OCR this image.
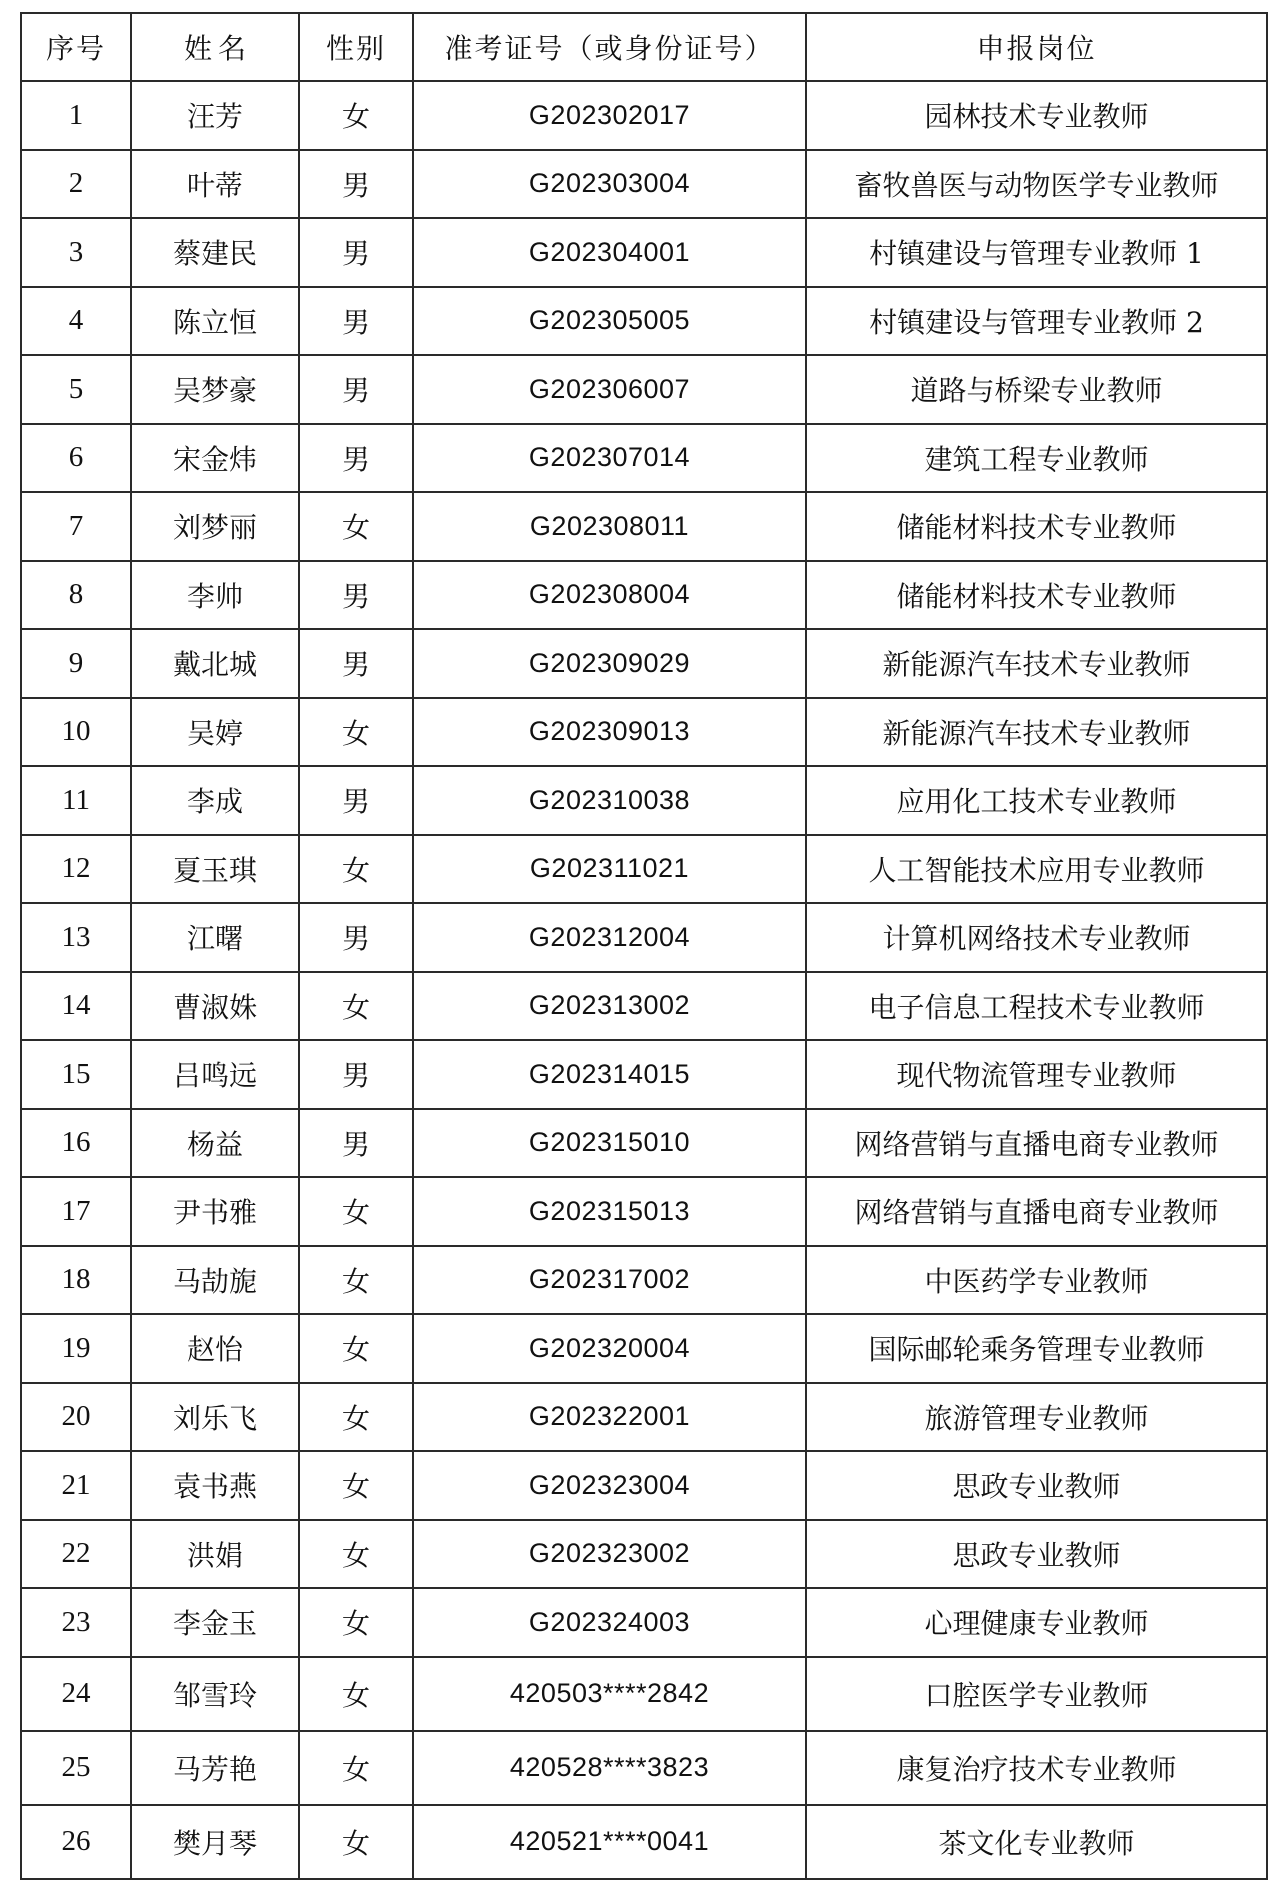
序号	姓名	性别	准考证号（或身份证号）	申报岗位
1	汪芳	女	G202302017	园林技术专业教师
2	叶蒂	男	G202303004	畜牧兽医与动物医学专业教师
3	蔡建民	男	G202304001	村镇建设与管理专业教师 1
4	陈立恒	男	G202305005	村镇建设与管理专业教师 2
5	吴梦豪	男	G202306007	道路与桥梁专业教师
6	宋金炜	男	G202307014	建筑工程专业教师
7	刘梦丽	女	G202308011	储能材料技术专业教师
8	李帅	男	G202308004	储能材料技术专业教师
9	戴北城	男	G202309029	新能源汽车技术专业教师
10	吴婷	女	G202309013	新能源汽车技术专业教师
11	李成	男	G202310038	应用化工技术专业教师
12	夏玉琪	女	G202311021	人工智能技术应用专业教师
13	江曙	男	G202312004	计算机网络技术专业教师
14	曹淑姝	女	G202313002	电子信息工程技术专业教师
15	吕鸣远	男	G202314015	现代物流管理专业教师
16	杨益	男	G202315010	网络营销与直播电商专业教师
17	尹书雅	女	G202315013	网络营销与直播电商专业教师
18	马劼旎	女	G202317002	中医药学专业教师
19	赵怡	女	G202320004	国际邮轮乘务管理专业教师
20	刘乐飞	女	G202322001	旅游管理专业教师
21	袁书燕	女	G202323004	思政专业教师
22	洪娟	女	G202323002	思政专业教师
23	李金玉	女	G202324003	心理健康专业教师
24	邹雪玲	女	420503****2842	口腔医学专业教师
25	马芳艳	女	420528****3823	康复治疗技术专业教师
26	樊月琴	女	420521****0041	茶文化专业教师
